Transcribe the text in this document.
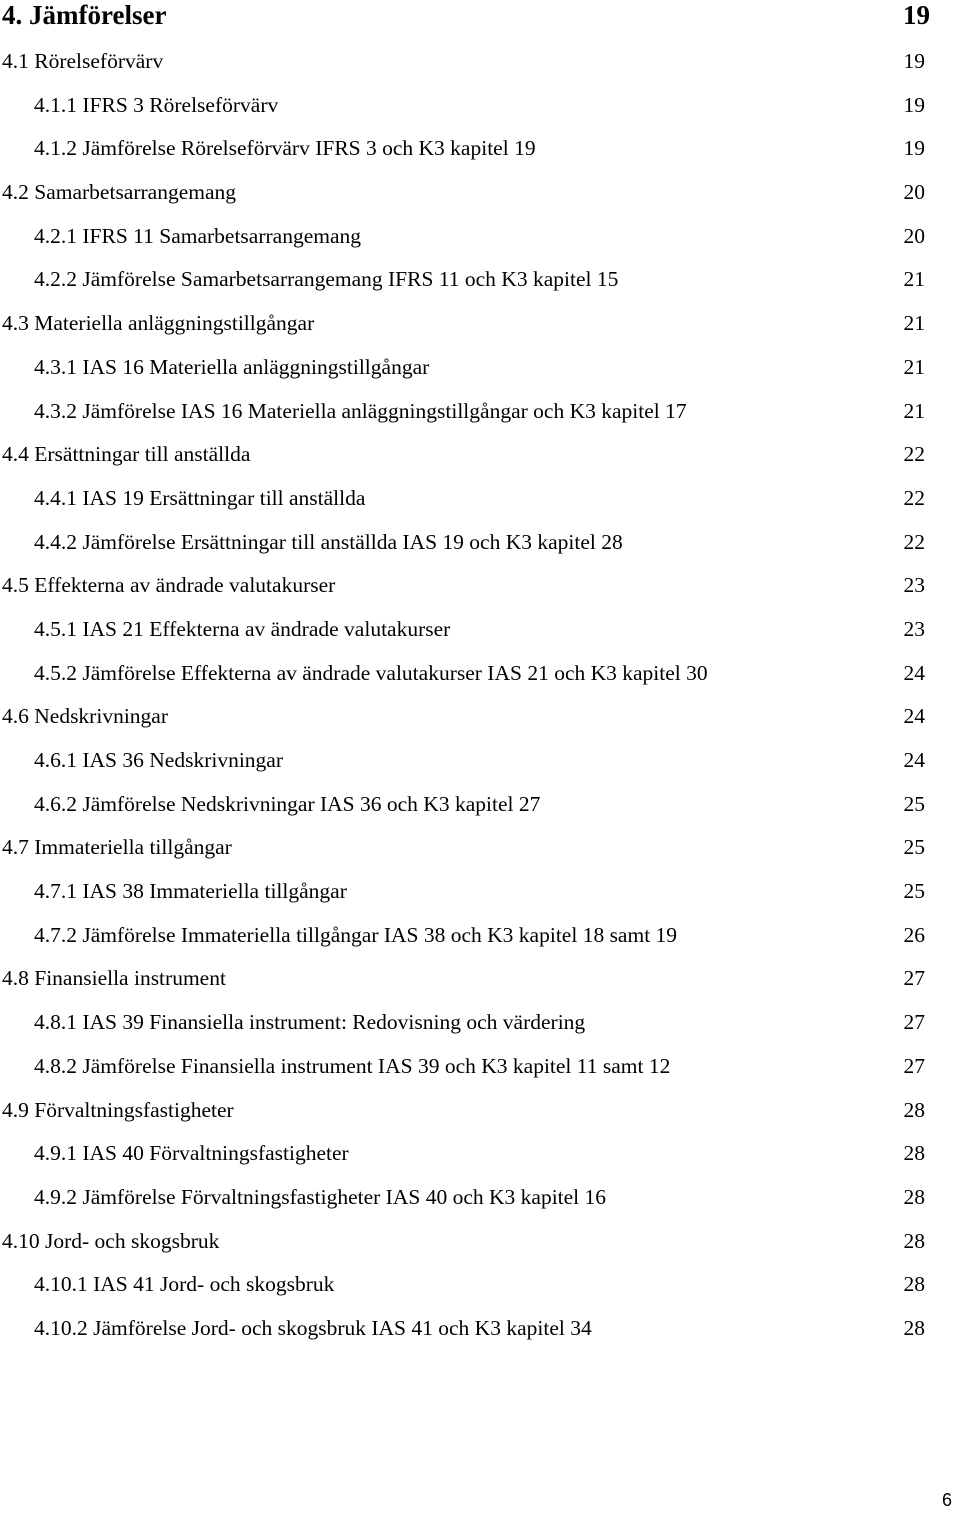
4. Jämförelser	19
4.1 Rörelseförvärv	19
4.1.1 IFRS 3 Rörelseförvärv	19
4.1.2 Jämförelse Rörelseförvärv IFRS 3 och K3 kapitel 19	19
4.2 Samarbetsarrangemang	20
4.2.1 IFRS 11 Samarbetsarrangemang	20
4.2.2 Jämförelse Samarbetsarrangemang IFRS 11 och K3 kapitel 15	21
4.3 Materiella anläggningstillgångar	21
4.3.1 IAS 16 Materiella anläggningstillgångar	21
4.3.2 Jämförelse IAS 16 Materiella anläggningstillgångar och K3 kapitel 17	21
4.4 Ersättningar till anställda	22
4.4.1 IAS 19 Ersättningar till anställda	22
4.4.2 Jämförelse Ersättningar till anställda IAS 19 och K3 kapitel 28	22
4.5 Effekterna av ändrade valutakurser	23
4.5.1 IAS 21 Effekterna av ändrade valutakurser	23
4.5.2 Jämförelse Effekterna av ändrade valutakurser IAS 21 och K3 kapitel 30	24
4.6 Nedskrivningar	24
4.6.1 IAS 36 Nedskrivningar	24
4.6.2 Jämförelse Nedskrivningar IAS 36 och K3 kapitel 27	25
4.7 Immateriella tillgångar	25
4.7.1 IAS 38 Immateriella tillgångar	25
4.7.2 Jämförelse Immateriella tillgångar IAS 38 och K3 kapitel 18 samt 19	26
4.8 Finansiella instrument	27
4.8.1 IAS 39 Finansiella instrument: Redovisning och värdering	27
4.8.2 Jämförelse Finansiella instrument IAS 39 och K3 kapitel 11 samt 12	27
4.9 Förvaltningsfastigheter	28
4.9.1 IAS 40 Förvaltningsfastigheter	28
4.9.2 Jämförelse Förvaltningsfastigheter IAS 40 och K3 kapitel 16	28
4.10 Jord- och skogsbruk	28
4.10.1 IAS 41 Jord- och skogsbruk	28
4.10.2 Jämförelse Jord- och skogsbruk IAS 41 och K3 kapitel 34	28
6
